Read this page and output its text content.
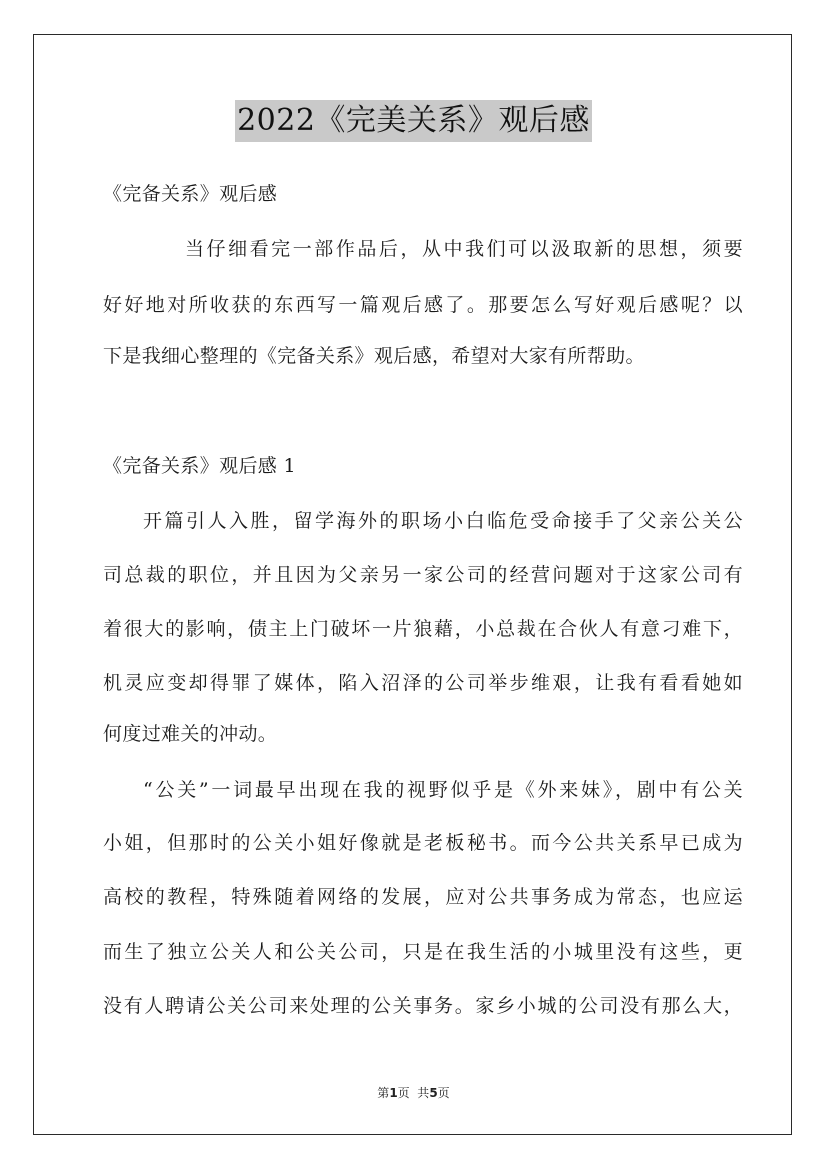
2022《完美关系》观后感
《完备关系》观后感
当仔细看完一部作品后，从中我们可以汲取新的思想，须要
好好地对所收获的东西写一篇观后感了。那要怎么写好观后感呢？以
下是我细心整理的《完备关系》观后感，希望对大家有所帮助。
《完备关系》观后感 1
开篇引人入胜，留学海外的职场小白临危受命接手了父亲公关公
司总裁的职位，并且因为父亲另一家公司的经营问题对于这家公司有
着很大的影响，债主上门破坏一片狼藉，小总裁在合伙人有意刁难下，
机灵应变却得罪了媒体，陷入沼泽的公司举步维艰，让我有看看她如
何度过难关的冲动。
“公关”一词最早出现在我的视野似乎是《外来妹》，剧中有公关
小姐，但那时的公关小姐好像就是老板秘书。而今公共关系早已成为
高校的教程，特殊随着网络的发展，应对公共事务成为常态，也应运
而生了独立公关人和公关公司，只是在我生活的小城里没有这些，更
没有人聘请公关公司来处理的公关事务。家乡小城的公司没有那么大，
第1页  共5页
